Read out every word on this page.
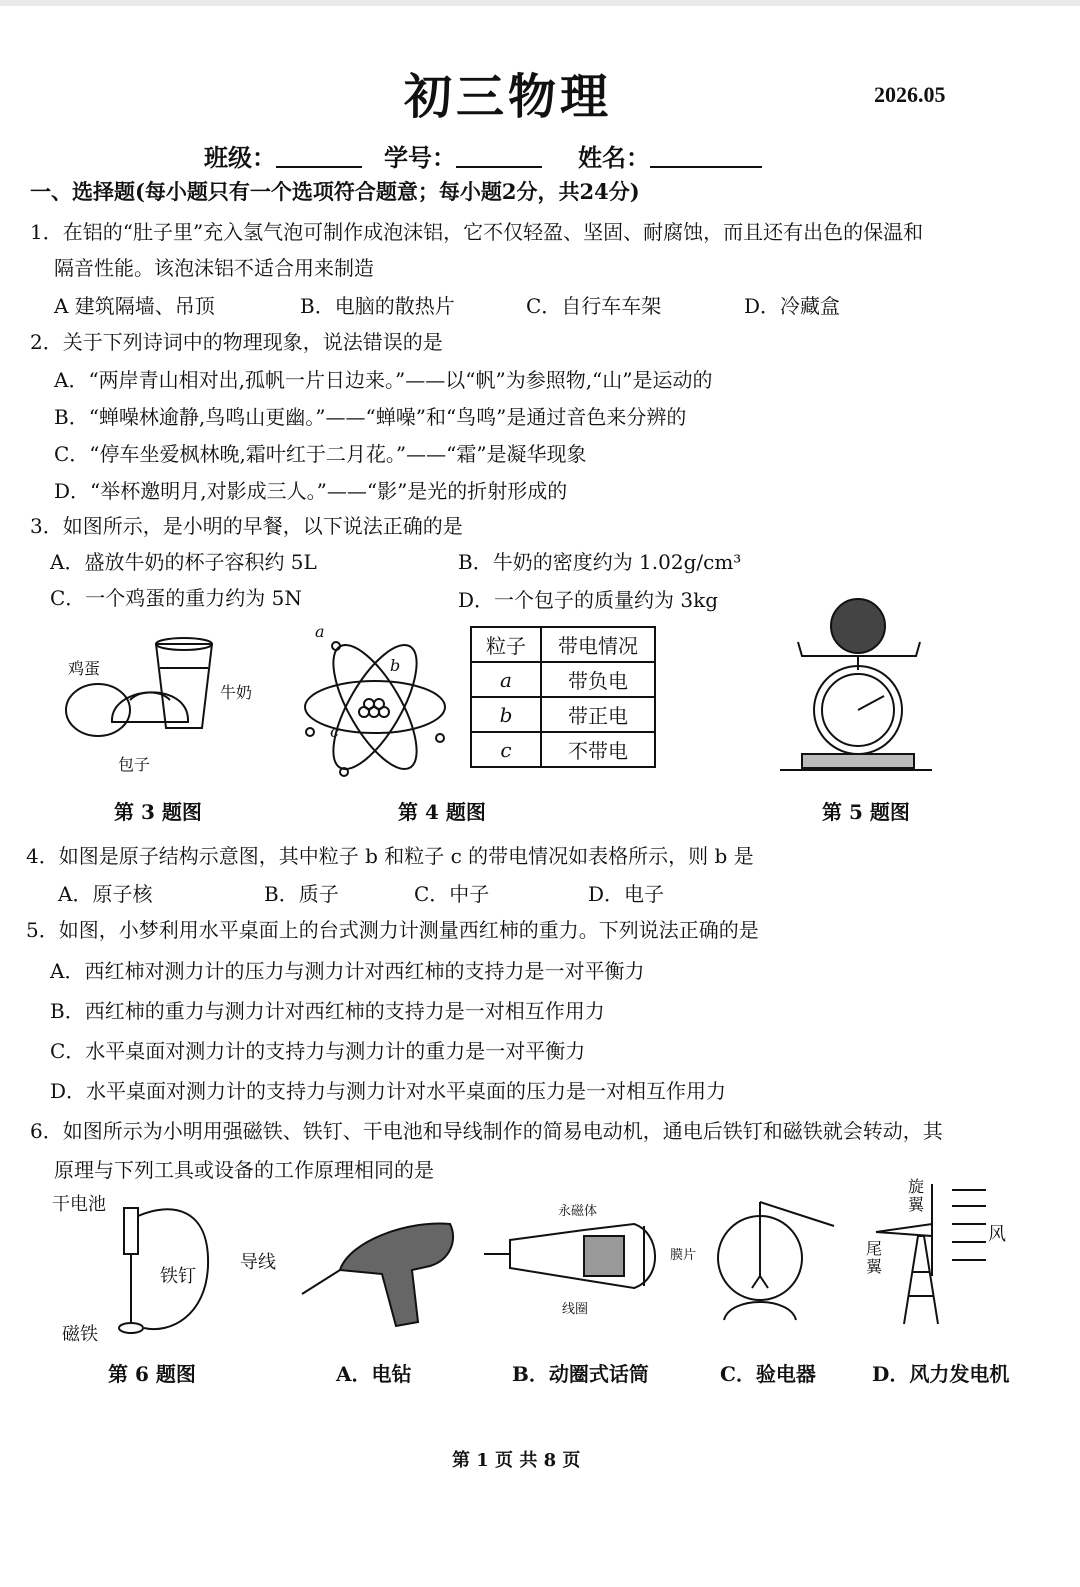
初三物理	2026.05
班级：	学号：	姓名：
一、选择题(每小题只有一个选项符合题意；每小题2分，共24分)
1．在铝的“肚子里”充入氢气泡可制作成泡沫铝，它不仅轻盈、坚固、耐腐蚀，而且还有出色的保温和
隔音性能。该泡沫铝不适合用来制造
A 建筑隔墙、吊顶	B．电脑的散热片	C．自行车车架	D．冷藏盒
2．关于下列诗词中的物理现象，说法错误的是
A．“两岸青山相对出,孤帆一片日边来。”——以“帆”为参照物,“山”是运动的
B．“蝉噪林逾静,鸟鸣山更幽。”——“蝉噪”和“鸟鸣”是通过音色来分辨的
C．“停车坐爱枫林晚,霜叶红于二月花。”——“霜”是凝华现象
D．“举杯邀明月,对影成三人。”——“影”是光的折射形成的
3．如图所示，是小明的早餐，以下说法正确的是
A．盛放牛奶的杯子容积约 5L	B．牛奶的密度约为 1.02g/cm³
C．一个鸡蛋的重力约为 5N	D．一个包子的质量约为 3kg
鸡蛋
牛奶
包子
第 3 题图
a
b
c
粒子	带电情况
a	带负电
b	带正电
c	不带电
第 4 题图	第 5 题图
4．如图是原子结构示意图，其中粒子 b 和粒子 c 的带电情况如表格所示，则 b 是
A．原子核	B．质子	C．中子	D．电子
5．如图，小梦利用水平桌面上的台式测力计测量西红柿的重力。下列说法正确的是
A．西红柿对测力计的压力与测力计对西红柿的支持力是一对平衡力
B．西红柿的重力与测力计对西红柿的支持力是一对相互作用力
C．水平桌面对测力计的支持力与测力计的重力是一对平衡力
D．水平桌面对测力计的支持力与测力计对水平桌面的压力是一对相互作用力
6．如图所示为小明用强磁铁、铁钉、干电池和导线制作的简易电动机，通电后铁钉和磁铁就会转动，其
原理与下列工具或设备的工作原理相同的是
干电池
铁钉
导线
磁铁
第 6 题图	A．电钻
永磁体
膜片
线圈
B．动圈式话筒	C．验电器
旋翼
尾翼
风
D．风力发电机
第 1 页 共 8 页
